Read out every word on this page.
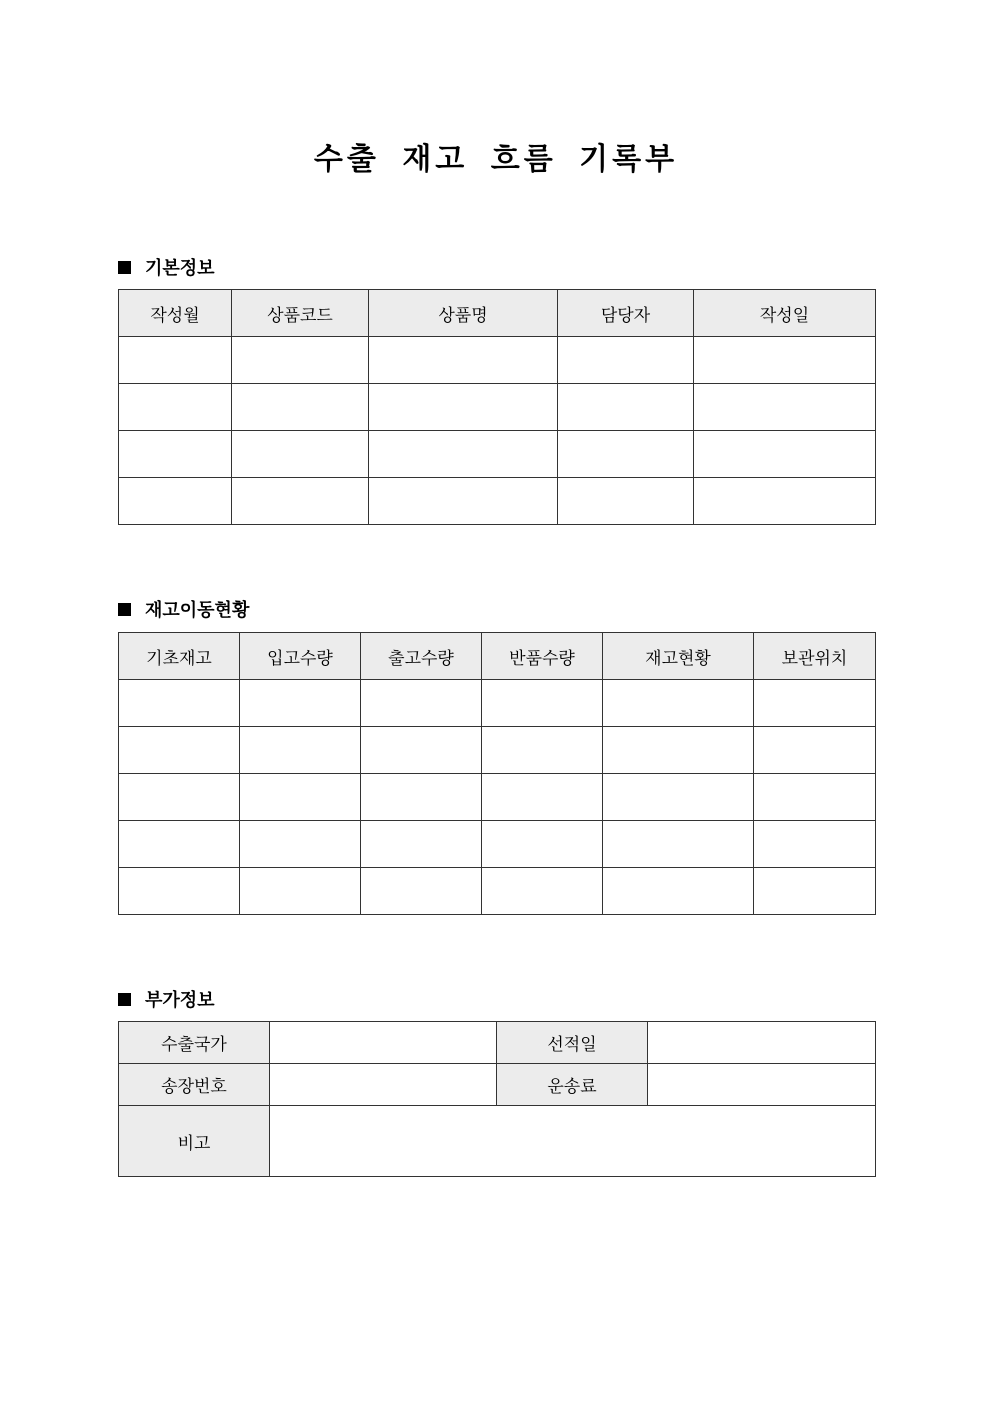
수출 재고 흐름 기록부
기본정보
작성월	상품코드	상품명	담당자	작성일

재고이동현황
기초재고	입고수량	출고수량	반품수량	재고현황	보관위치

부가정보
수출국가		선적일	
송장번호		운송료	
비고			
